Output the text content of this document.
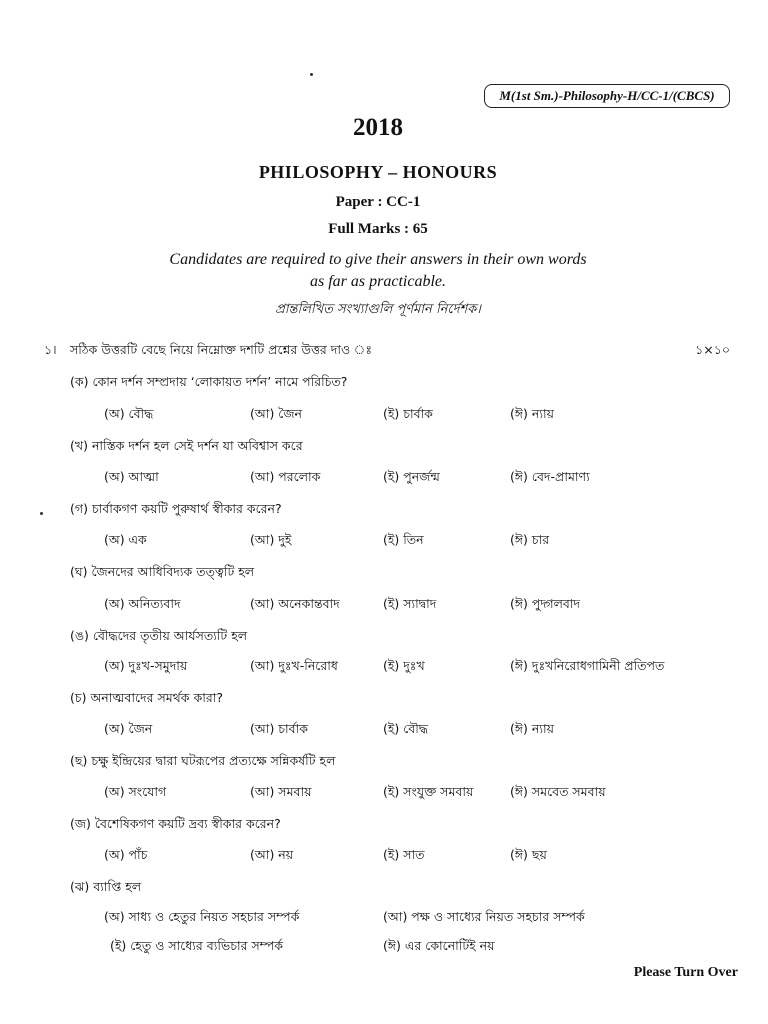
M(1st Sm.)-Philosophy-H/CC-1/(CBCS)
2018
PHILOSOPHY – HONOURS
Paper : CC-1
Full Marks : 65
Candidates are required to give their answers in their own words
as far as practicable.
প্রান্তলিখিত সংখ্যাগুলি পূর্ণমান নির্দেশক।
১। সঠিক উত্তরটি বেছে নিয়ে নিম্নোক্ত দশটি প্রশ্নের উত্তর দাও ঃ	১×১০
(ক) কোন দর্শন সম্প্রদায় ‘লোকায়ত দর্শন’ নামে পরিচিত?
(অ) বৌদ্ধ	(আ) জৈন	(ই) চার্বাক	(ঈ) ন্যায়
(খ) নাস্তিক দর্শন হল সেই দর্শন যা অবিশ্বাস করে
(অ) আত্মা	(আ) পরলোক	(ই) পুনর্জন্ম	(ঈ) বেদ-প্রামাণ্য
(গ) চার্বাকগণ কয়টি পুরুষার্থ স্বীকার করেন?
(অ) এক	(আ) দুই	(ই) তিন	(ঈ) চার
(ঘ) জৈনদের আধিবিদ্যক তত্ত্বটি হল
(অ) অনিত্যবাদ	(আ) অনেকান্তবাদ	(ই) স্যাদ্বাদ	(ঈ) পুদ্গলবাদ
(ঙ) বৌদ্ধদের তৃতীয় আর্যসত্যটি হল
(অ) দুঃখ-সমুদায়	(আ) দুঃখ-নিরোধ	(ই) দুঃখ	(ঈ) দুঃখনিরোধগামিনী প্রতিপত
(চ) অনাত্মবাদের সমর্থক কারা?
(অ) জৈন	(আ) চার্বাক	(ই) বৌদ্ধ	(ঈ) ন্যায়
(ছ) চক্ষু ইন্দ্রিয়ের দ্বারা ঘটরূপের প্রত্যক্ষে সন্নিকর্ষটি হল
(অ) সংযোগ	(আ) সমবায়	(ই) সংযুক্ত সমবায়	(ঈ) সমবেত সমবায়
(জ) বৈশেষিকগণ কয়টি দ্রব্য স্বীকার করেন?
(অ) পাঁচ	(আ) নয়	(ই) সাত	(ঈ) ছয়
(ঝ) ব্যাপ্তি হল
(অ) সাধ্য ও হেতুর নিয়ত সহচার সম্পর্ক	(আ) পক্ষ ও সাধ্যের নিয়ত সহচার সম্পর্ক
(ই) হেতু ও সাধ্যের ব্যভিচার সম্পর্ক	(ঈ) এর কোনোটিই নয়
Please Turn Over
